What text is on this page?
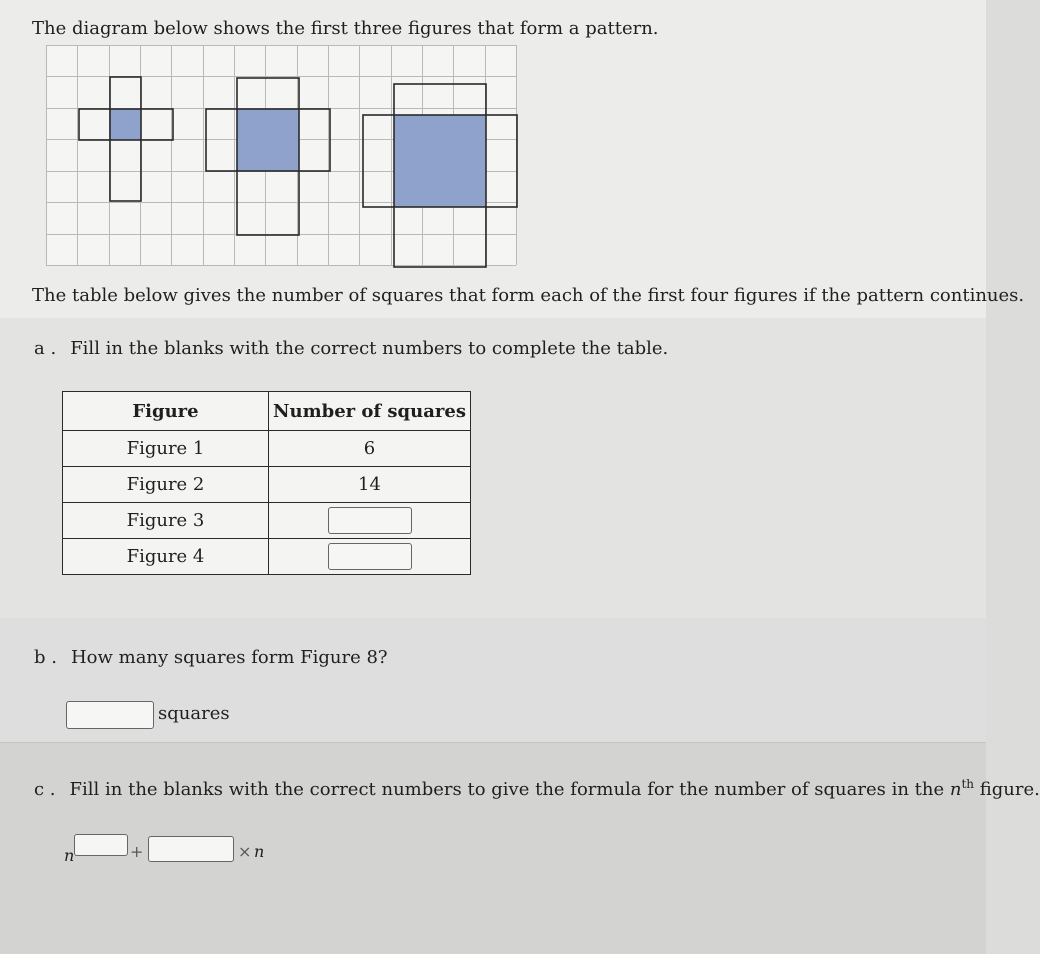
The diagram below shows the first three figures that form a pattern.
The table below gives the number of squares that form each of the first four figures if the pattern continues.
a . Fill in the blanks with the correct numbers to complete the table.
Figure	Number of squares
Figure 1	6
Figure 2	14
Figure 3	
Figure 4	
b . How many squares form Figure 8?
squares
c . Fill in the blanks with the correct numbers to give the formula for the number of squares in the $n^{th}$ figure.
n	+	× n
